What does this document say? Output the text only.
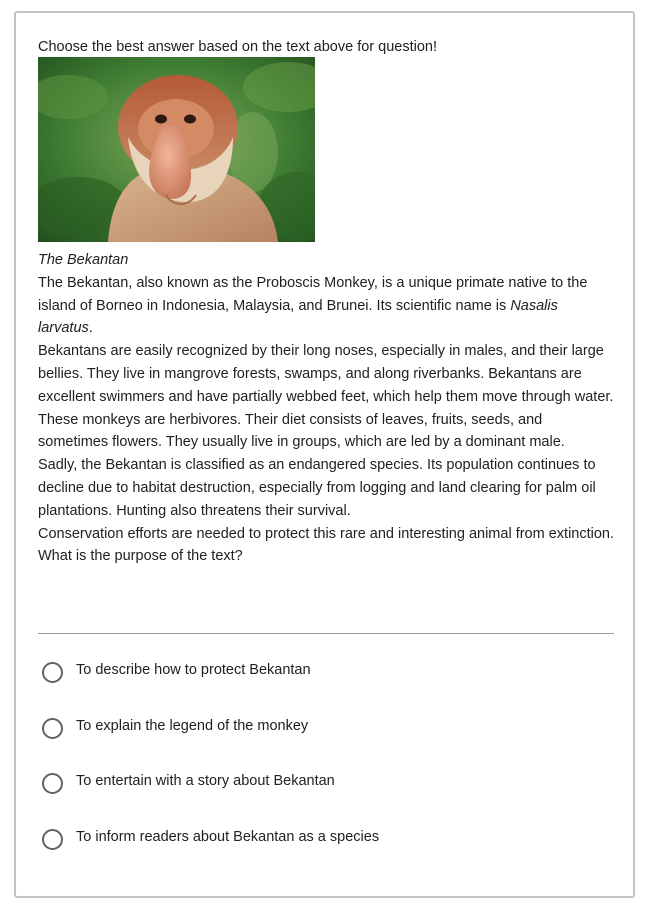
Choose the best answer based on the text above for question!

The Bekantan

The Bekantan, also known as the Proboscis Monkey, is a unique primate native to the island of Borneo in Indonesia, Malaysia, and Brunei. Its scientific name is Nasalis larvatus.

Bekantans are easily recognized by their long noses, especially in males, and their large bellies. They live in mangrove forests, swamps, and along riverbanks. Bekantans are excellent swimmers and have partially webbed feet, which help them move through water.

These monkeys are herbivores. Their diet consists of leaves, fruits, seeds, and sometimes flowers. They usually live in groups, which are led by a dominant male.

Sadly, the Bekantan is classified as an endangered species. Its population continues to decline due to habitat destruction, especially from logging and land clearing for palm oil plantations. Hunting also threatens their survival.

Conservation efforts are needed to protect this rare and interesting animal from extinction.

What is the purpose of the text?

To describe how to protect Bekantan
To explain the legend of the monkey
To entertain with a story about Bekantan
To inform readers about Bekantan as a species
